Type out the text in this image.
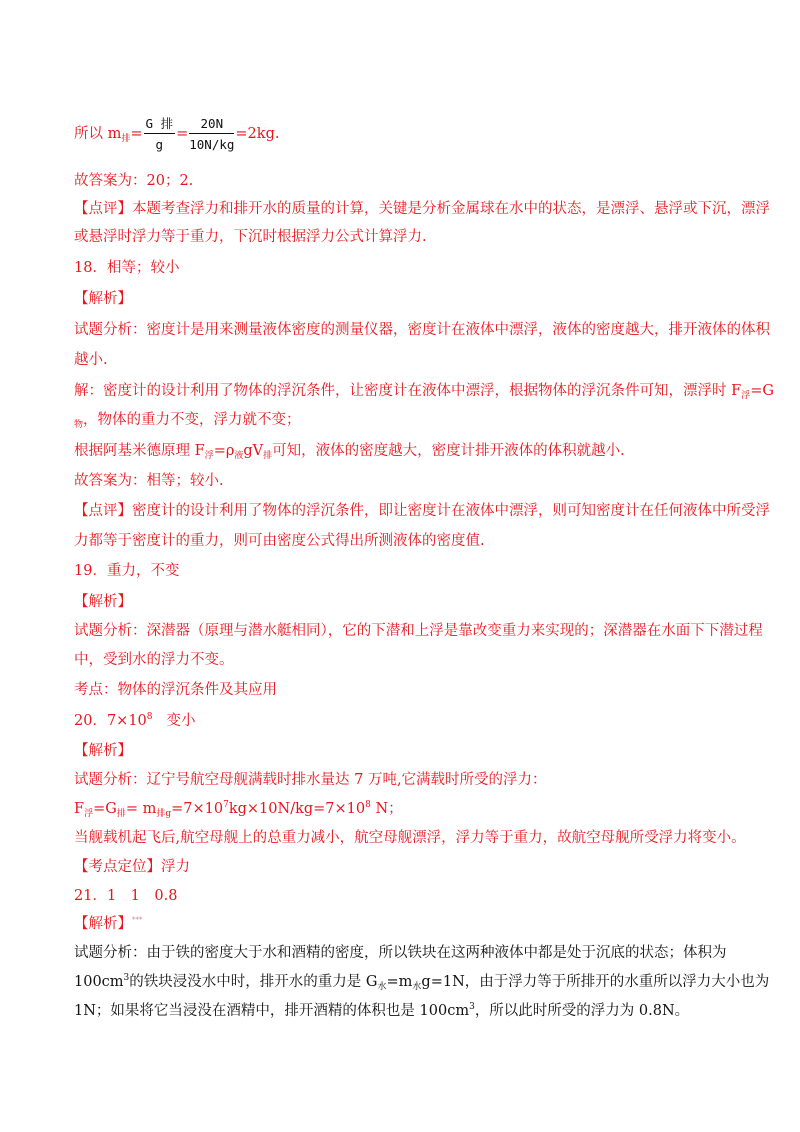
所以 $m_排= \frac{\text{G 排}}{g} = \frac{20N}{10N/kg} =2kg$.
故答案为：20；2.
【点评】本题考查浮力和排开水的质量的计算，关键是分析金属球在水中的状态，是漂浮、悬浮或下沉，漂浮
或悬浮时浮力等于重力，下沉时根据浮力公式计算浮力.
18．相等；较小
【解析】
试题分析：密度计是用来测量液体密度的测量仪器，密度计在液体中漂浮，液体的密度越大，排开液体的体积
越小.
解：密度计的设计利用了物体的浮沉条件，让密度计在液体中漂浮，根据物体的浮沉条件可知，漂浮时 $F_浮=G$
$_物$，物体的重力不变，浮力就不变；
根据阿基米德原理 $F_浮=\rho_液gV_排$可知，液体的密度越大，密度计排开液体的体积就越小.
故答案为：相等；较小.
【点评】密度计的设计利用了物体的浮沉条件，即让密度计在液体中漂浮，则可知密度计在任何液体中所受浮
力都等于密度计的重力，则可由密度公式得出所测液体的密度值.
19．重力，不变
【解析】
试题分析：深潜器（原理与潜水艇相同），它的下潜和上浮是靠改变重力来实现的；深潜器在水面下下潜过程
中，受到水的浮力不变。
考点：物体的浮沉条件及其应用
20．$7\times 10^8$ 变小
【解析】
试题分析：辽宁号航空母舰满载时排水量达 7 万吨,它满载时所受的浮力：
$F_浮=G_排= m_{排g}=7\times 10^7kg\times 10N/kg=7\times 10^8$ N；
当舰载机起飞后,航空母舰上的总重力减小，航空母舰漂浮，浮力等于重力，故航空母舰所受浮力将变小。
【考点定位】浮力
21．1　1　0.8
【解析】***
试题分析：由于铁的密度大于水和酒精的密度，所以铁块在这两种液体中都是处于沉底的状态；体积为
$100cm^3$的铁块浸没水中时，排开水的重力是 $G_水=m_水g=1N$，由于浮力等于所排开的水重所以浮力大小也为
1N；如果将它当浸没在酒精中，排开酒精的体积也是 $100cm^3$，所以此时所受的浮力为 0.8N。
